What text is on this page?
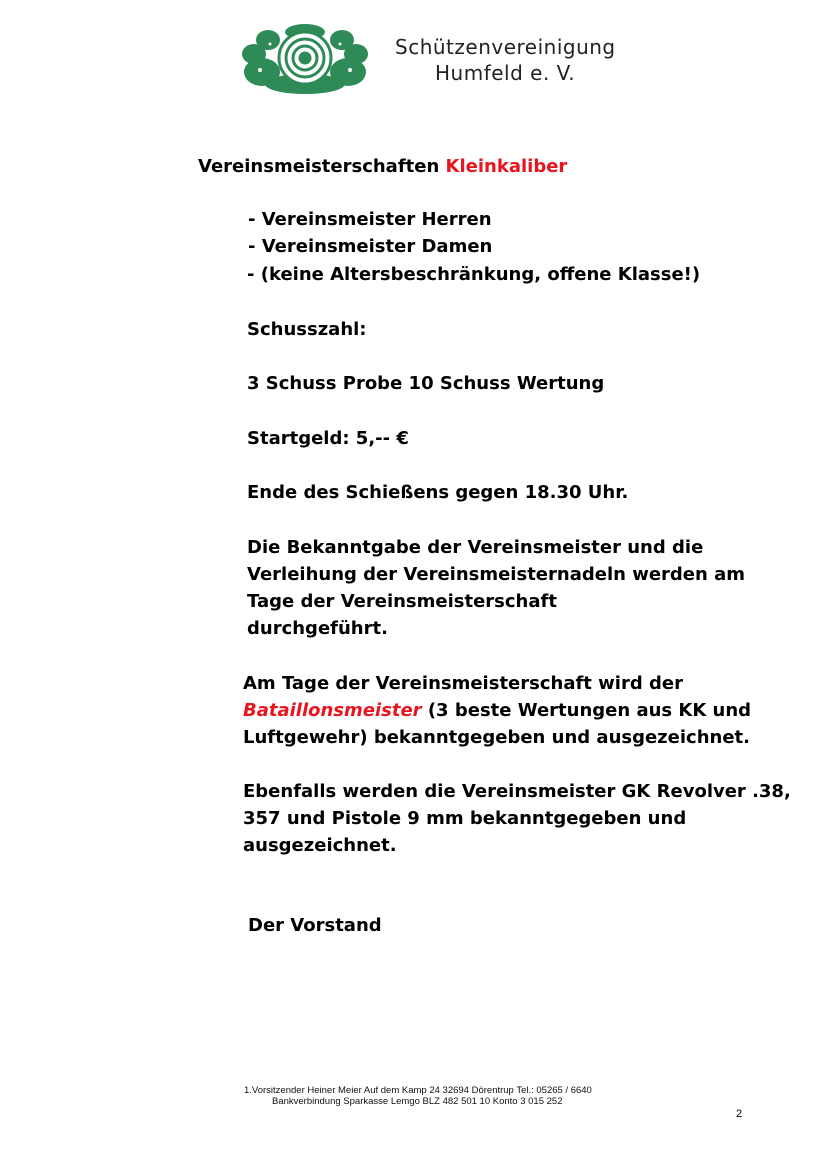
Schützenvereinigung
Humfeld e. V.
Vereinsmeisterschaften Kleinkaliber
- Vereinsmeister Herren
- Vereinsmeister Damen
- (keine Altersbeschränkung, offene Klasse!)
Schusszahl:
3 Schuss Probe 10 Schuss Wertung
Startgeld: 5,-- €
Ende des Schießens gegen 18.30 Uhr.
Die Bekanntgabe der Vereinsmeister und die
Verleihung der Vereinsmeisternadeln werden am
Tage der Vereinsmeisterschaft
durchgeführt.
Am Tage der Vereinsmeisterschaft wird der
Bataillonsmeister (3 beste Wertungen aus KK und
Luftgewehr) bekanntgegeben und ausgezeichnet.
Ebenfalls werden die Vereinsmeister GK Revolver .38,
357 und Pistole 9 mm bekanntgegeben und
ausgezeichnet.
Der Vorstand
1.Vorsitzender Heiner Meier Auf dem Kamp 24 32694 Dörentrup Tel.: 05265 / 6640
Bankverbindung Sparkasse Lemgo BLZ 482 501 10 Konto 3 015 252
2
